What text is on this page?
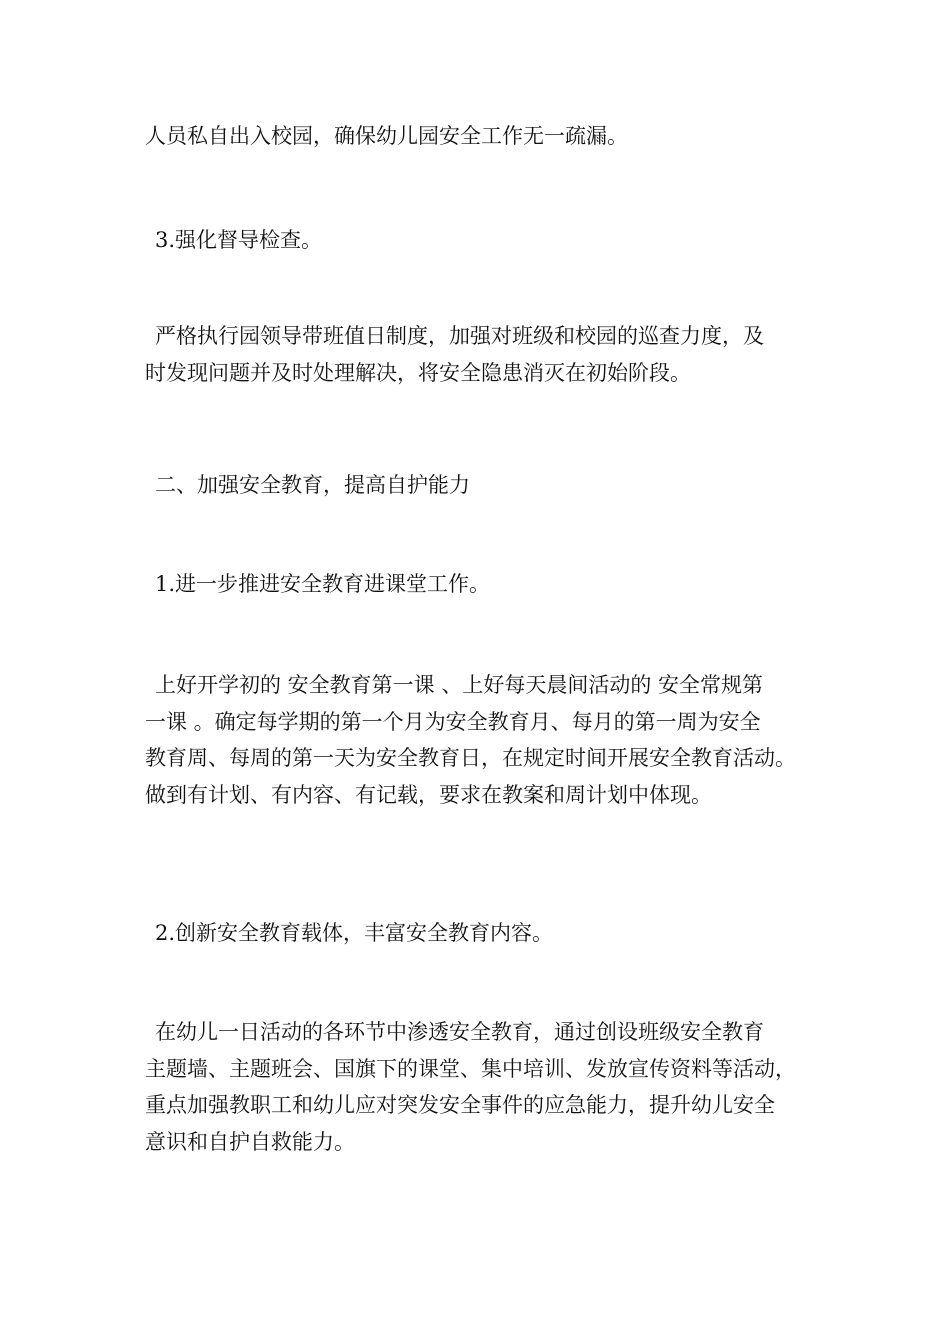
人员私自出入校园，确保幼儿园安全工作无一疏漏。
3.强化督导检查。
严格执行园领导带班值日制度，加强对班级和校园的巡查力度，及
时发现问题并及时处理解决，将安全隐患消灭在初始阶段。
二、加强安全教育，提高自护能力
1.进一步推进安全教育进课堂工作。
上好开学初的 安全教育第一课 、上好每天晨间活动的 安全常规第
一课 。确定每学期的第一个月为安全教育月、每月的第一周为安全
教育周、每周的第一天为安全教育日，在规定时间开展安全教育活动。
做到有计划、有内容、有记载，要求在教案和周计划中体现。
2.创新安全教育载体，丰富安全教育内容。
在幼儿一日活动的各环节中渗透安全教育，通过创设班级安全教育
主题墙、主题班会、国旗下的课堂、集中培训、发放宣传资料等活动，
重点加强教职工和幼儿应对突发安全事件的应急能力，提升幼儿安全
意识和自护自救能力。
